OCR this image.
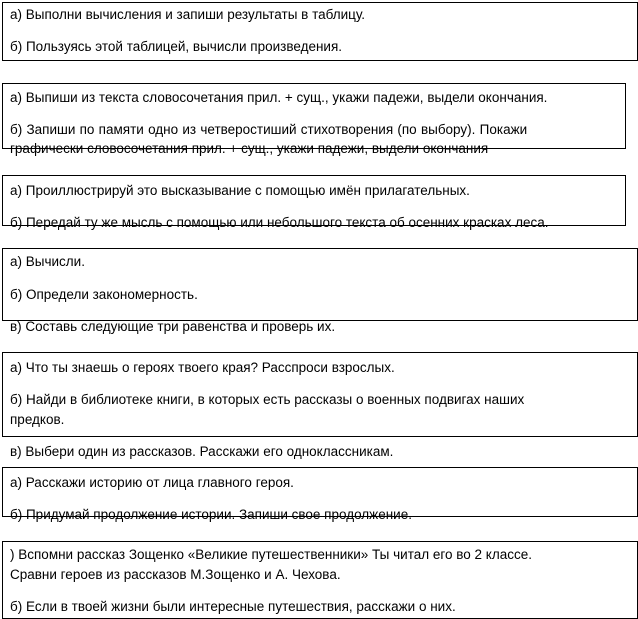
а) Выполни вычисления и запиши результаты в таблицу.
б) Пользуясь этой таблицей, вычисли произведения.
а) Выпиши из текста словосочетания прил. + сущ., укажи падежи, выдели окончания.
б) Запиши по памяти одно из четверостиший стихотворения (по выбору). Покажи
графически словосочетания прил. + сущ., укажи падежи, выдели окончания
а) Проиллюстрируй это высказывание с помощью имён прилагательных.
б) Передай ту же мысль с помощью или небольшого текста об осенних красках леса.
а) Вычисли.
б) Определи закономерность.
в) Составь следующие три равенства и проверь их.
а) Что ты знаешь о героях твоего края? Расспроси взрослых.
б) Найди в библиотеке книги, в которых есть рассказы о военных подвигах наших
предков.
в) Выбери один из рассказов. Расскажи его одноклассникам.
а) Расскажи историю от лица главного героя.
б) Придумай продолжение истории. Запиши свое продолжение.
) Вспомни рассказ Зощенко «Великие путешественники» Ты читал его во 2 классе.
Сравни героев из рассказов М.Зощенко и А. Чехова.
б) Если в твоей жизни были интересные путешествия, расскажи о них.
